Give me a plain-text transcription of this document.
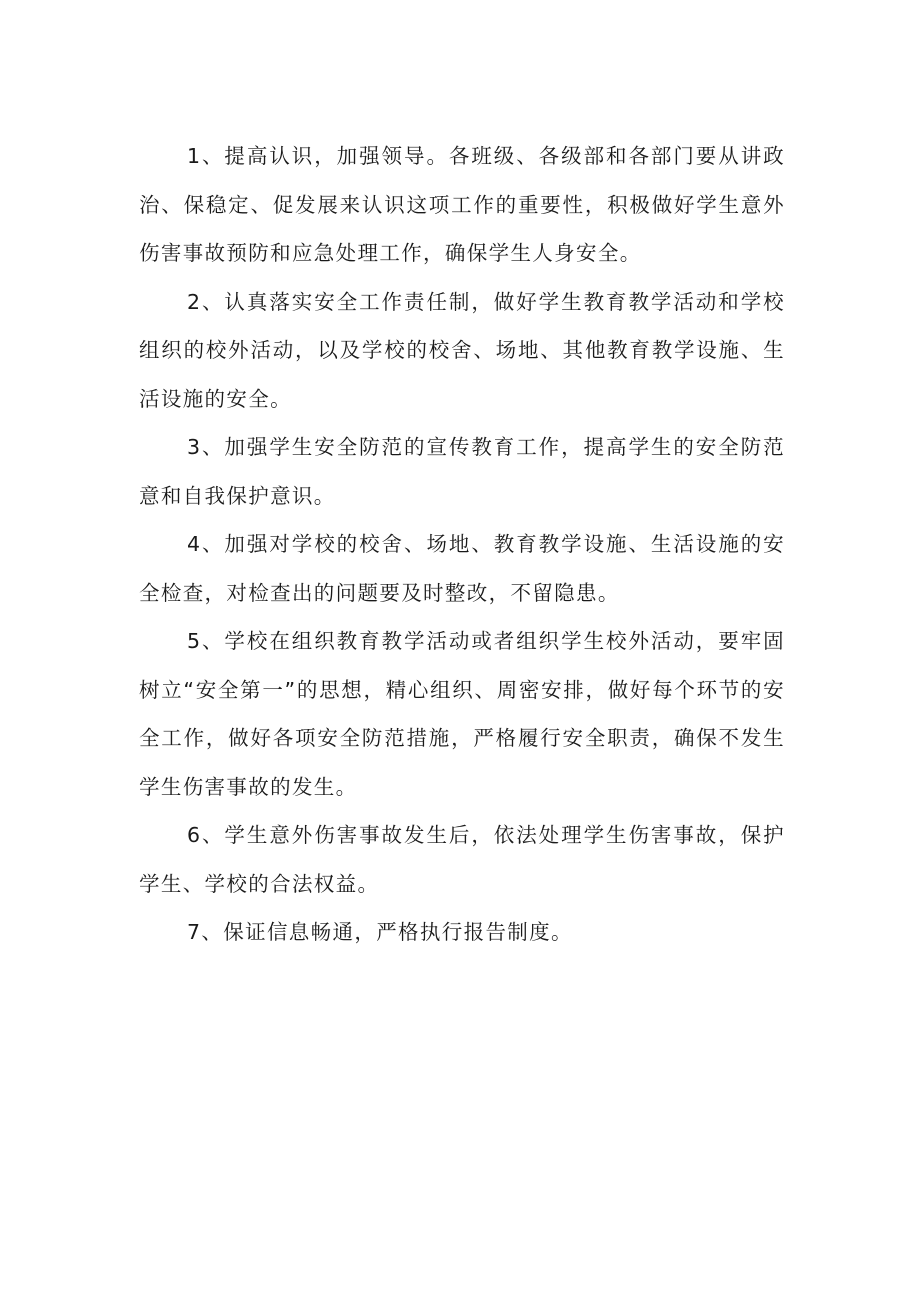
1、提高认识，加强领导。各班级、各级部和各部门要从讲政治、保稳定、促发展来认识这项工作的重要性，积极做好学生意外伤害事故预防和应急处理工作，确保学生人身安全。

2、认真落实安全工作责任制，做好学生教育教学活动和学校组织的校外活动，以及学校的校舍、场地、其他教育教学设施、生活设施的安全。

3、加强学生安全防范的宣传教育工作，提高学生的安全防范意和自我保护意识。

4、加强对学校的校舍、场地、教育教学设施、生活设施的安全检查，对检查出的问题要及时整改，不留隐患。

5、学校在组织教育教学活动或者组织学生校外活动，要牢固树立“安全第一”的思想，精心组织、周密安排，做好每个环节的安全工作，做好各项安全防范措施，严格履行安全职责，确保不发生学生伤害事故的发生。

6、学生意外伤害事故发生后，依法处理学生伤害事故，保护学生、学校的合法权益。

7、保证信息畅通，严格执行报告制度。
